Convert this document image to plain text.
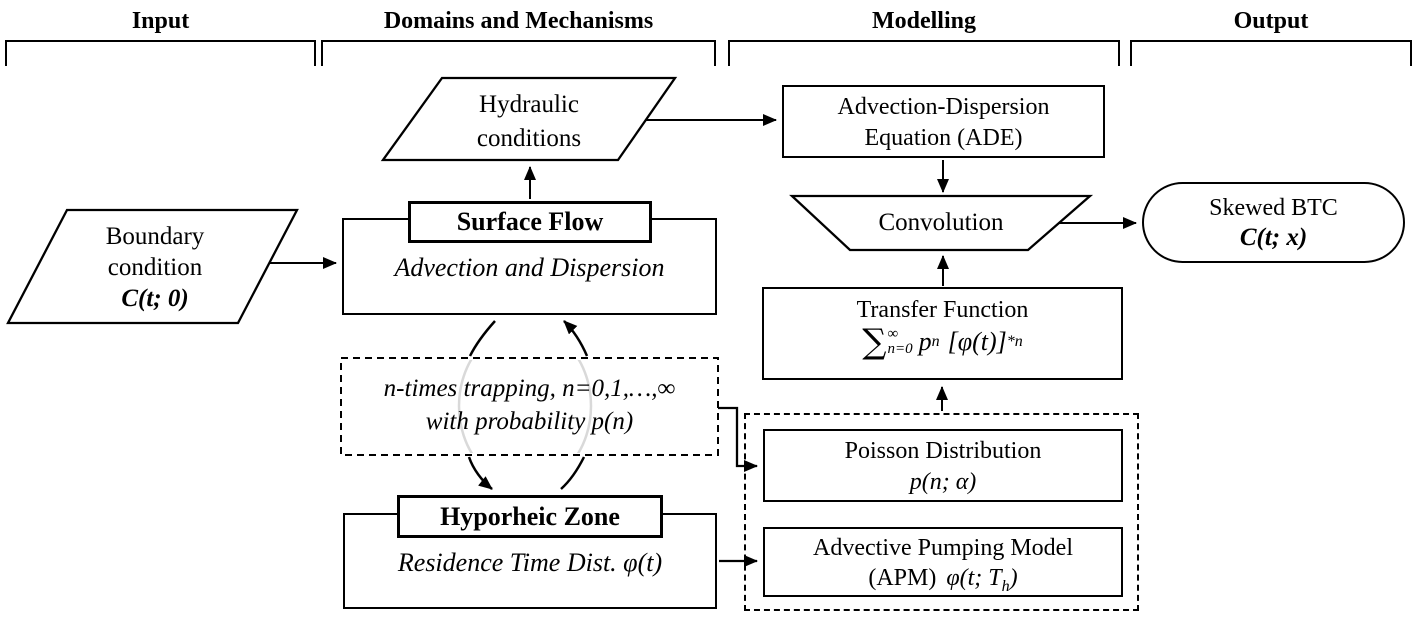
Input	Domains and Mechanisms	Modelling	Output
Boundary
condition
C(t; 0)
Hydraulic
conditions
Surface Flow
Advection and Dispersion
n-times trapping, n=0,1,…,∞
with probability p(n)
Hyporheic Zone
Residence Time Dist. φ(t)
Advection-Dispersion
Equation (ADE)
Convolution
Transfer Function
∑ ∞
n=0 p n [φ(t)] *n
Poisson Distribution
p(n; α)
Advective Pumping Model
(APM) φ(t; $T_h$)
Skewed BTC
C(t; x)
